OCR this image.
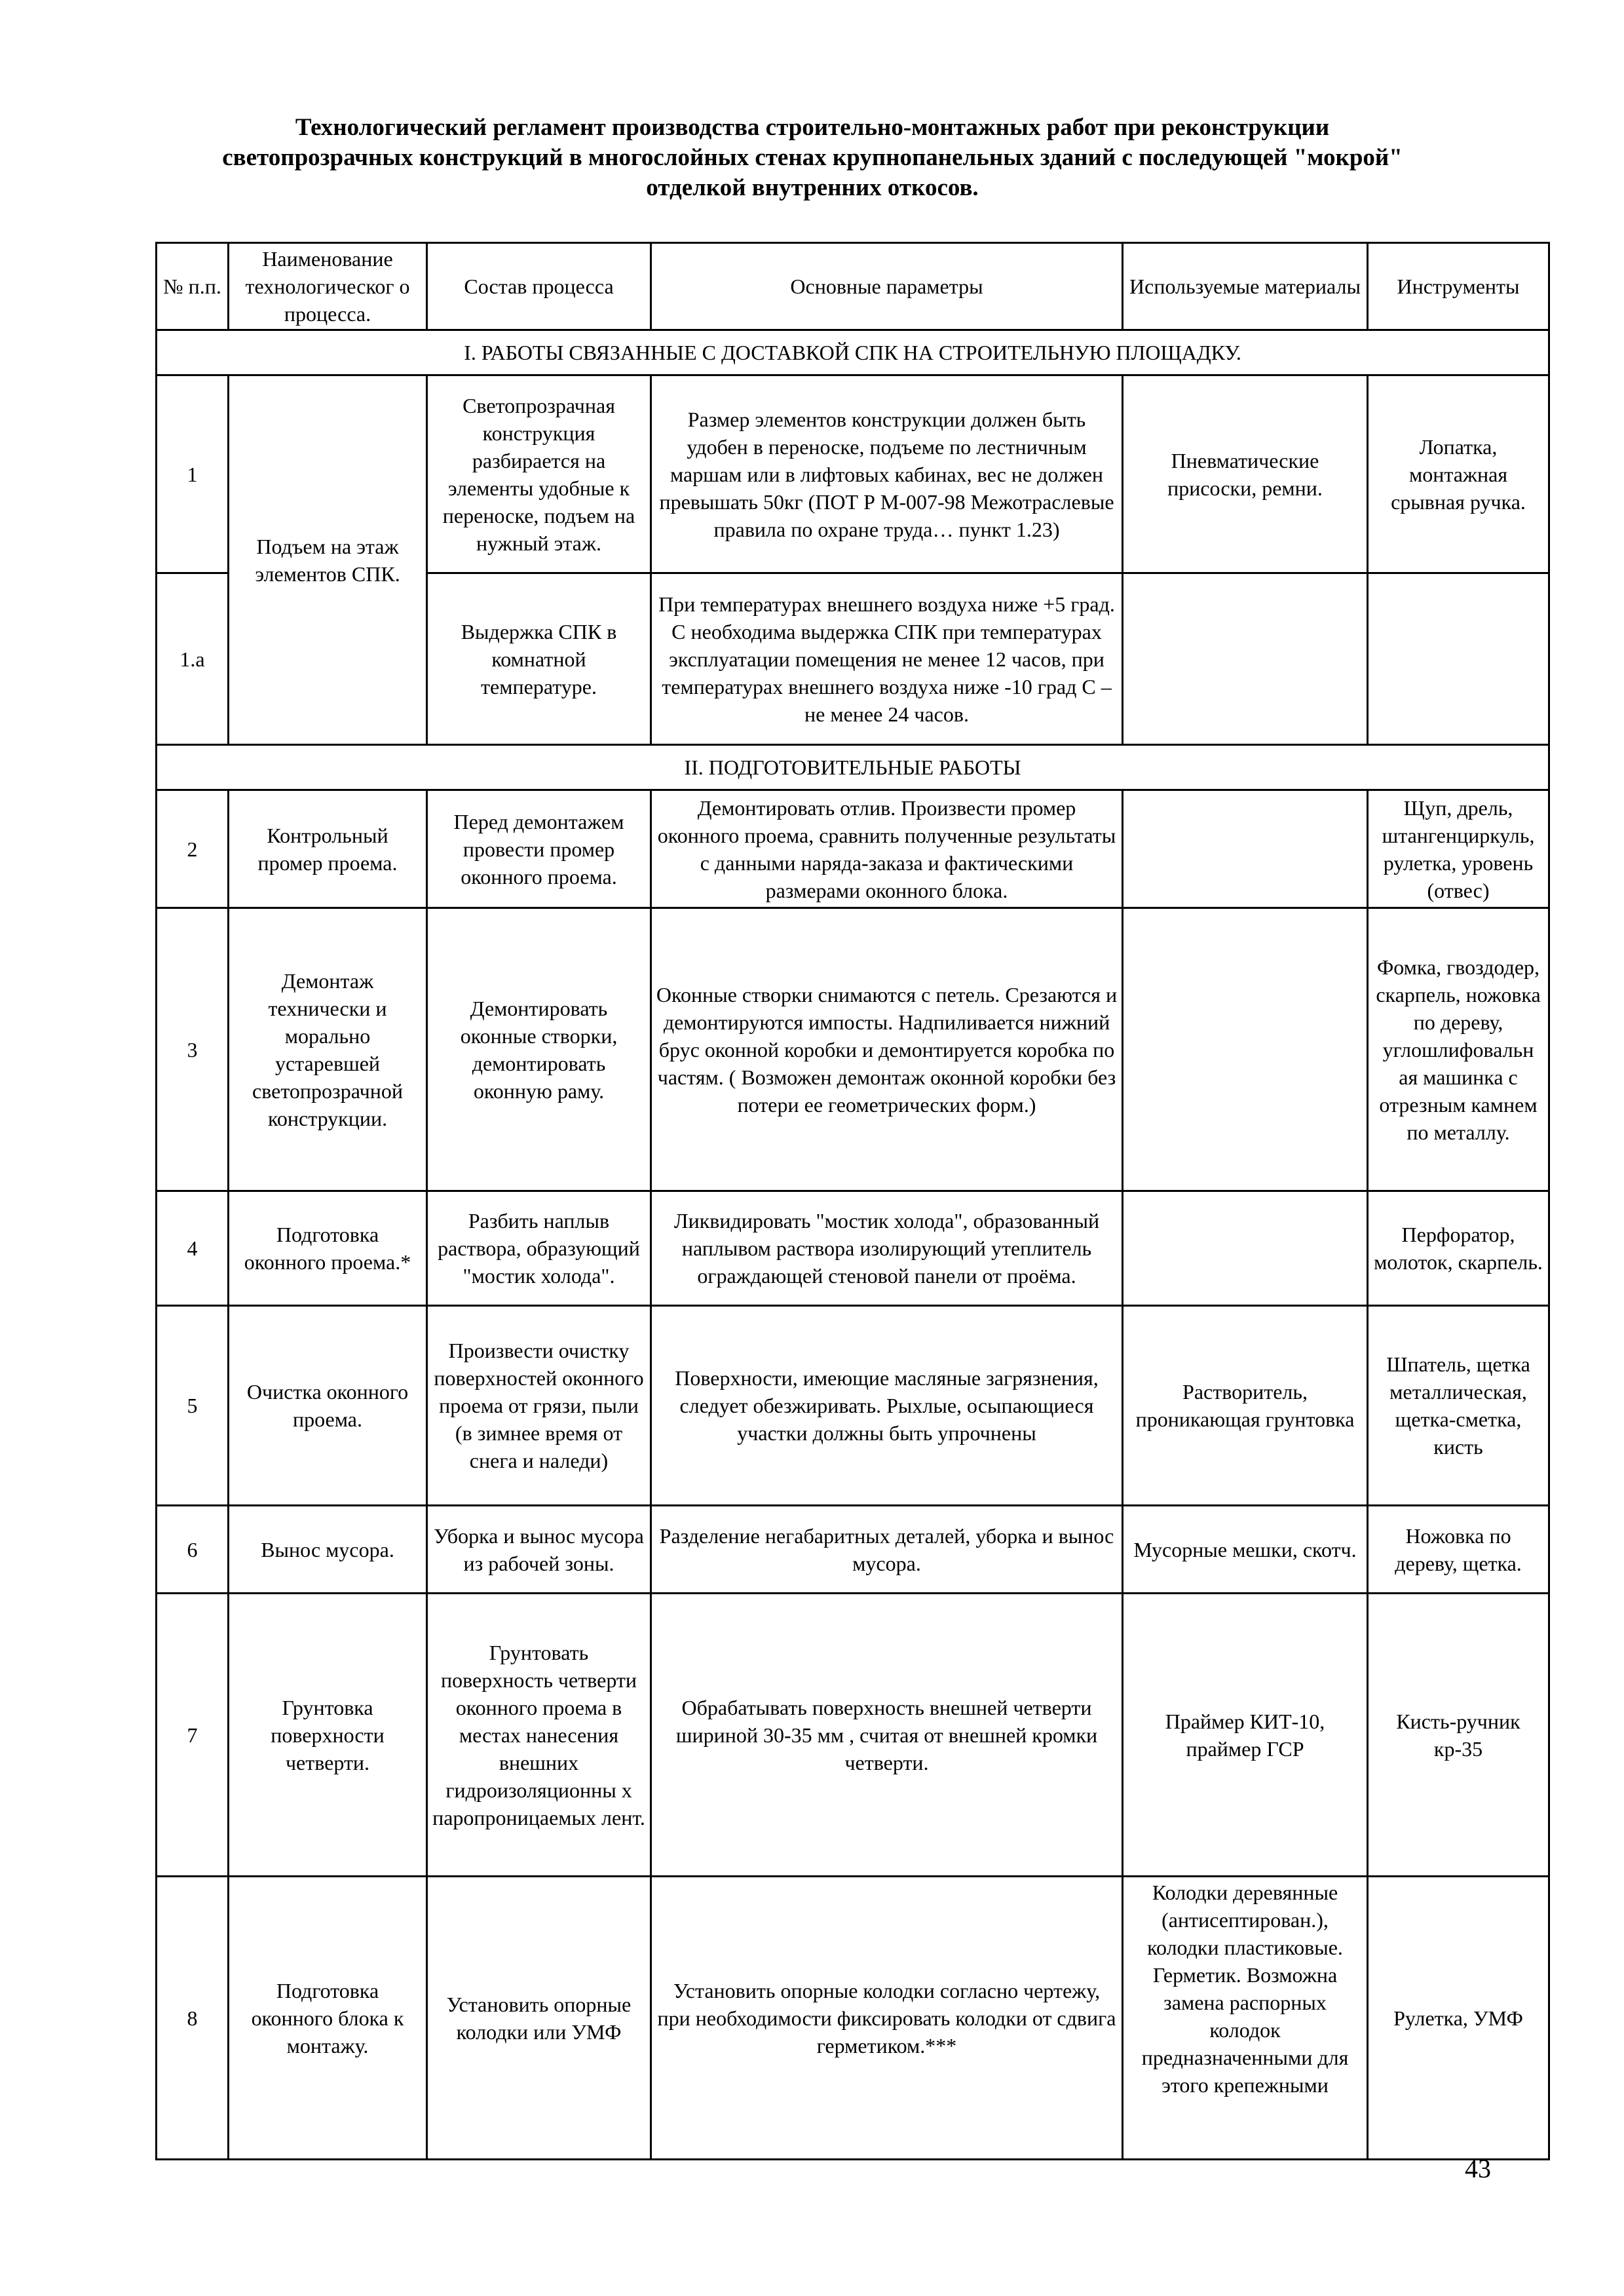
Технологический регламент производства строительно-монтажных работ при реконструкции
светопрозрачных конструкций в многослойных стенах крупнопанельных зданий с последующей "мокрой"
отделкой внутренних откосов.
№ п.п.	Наименование технологическог о процесса.	Состав процесса	Основные параметры	Используемые материалы	Инструменты
I. РАБОТЫ СВЯЗАННЫЕ С ДОСТАВКОЙ СПК НА СТРОИТЕЛЬНУЮ ПЛОЩАДКУ.					
1	Подъем на этаж элементов СПК.	Светопрозрачная конструкция разбирается на элементы удобные к переноске, подъем на нужный этаж.	Размер элементов конструкции должен быть удобен в переноске, подъеме по лестничным маршам или в лифтовых кабинах, вес не должен превышать 50кг (ПОТ Р М-007-98 Межотраслевые правила по охране труда… пункт 1.23)	Пневматические присоски, ремни.	Лопатка, монтажная срывная ручка.
1.а		Выдержка СПК в комнатной температуре.	При температурах внешнего воздуха ниже +5 град. С необходима выдержка СПК при температурах эксплуатации помещения не менее 12 часов, при температурах внешнего воздуха ниже -10 град С – не менее 24 часов.		
II. ПОДГОТОВИТЕЛЬНЫЕ РАБОТЫ					
2	Контрольный промер проема.	Перед демонтажем провести промер оконного проема.	Демонтировать отлив. Произвести промер оконного проема, сравнить полученные результаты с данными наряда-заказа и фактическими размерами оконного блока.		Щуп, дрель, штангенциркуль, рулетка, уровень (отвес)
3	Демонтаж технически и морально устаревшей светопрозрачной конструкции.	Демонтировать оконные створки, демонтировать оконную раму.	Оконные створки снимаются с петель. Срезаются и демонтируются импосты. Надпиливается нижний брус оконной коробки и демонтируется коробка по частям. ( Возможен демонтаж оконной коробки без потери ее геометрических форм.)		Фомка, гвоздодер, скарпель, ножовка по дереву, углошлифовальн ая машинка с отрезным камнем по металлу.
4	Подготовка оконного проема.*	Разбить наплыв раствора, образующий "мостик холода".	Ликвидировать "мостик холода", образованный наплывом раствора изолирующий утеплитель ограждающей стеновой панели от проёма.		Перфоратор, молоток, скарпель.
5	Очистка оконного проема.	Произвести очистку поверхностей оконного проема от грязи, пыли (в зимнее время от снега и наледи)	Поверхности, имеющие масляные загрязнения, следует обезжиривать. Рыхлые, осыпающиеся участки должны быть упрочнены	Растворитель, проникающая грунтовка	Шпатель, щетка металлическая, щетка-сметка, кисть
6	Вынос мусора.	Уборка и вынос мусора из рабочей зоны.	Разделение негабаритных деталей, уборка и вынос мусора.	Мусорные мешки, скотч.	Ножовка по дереву, щетка.
7	Грунтовка поверхности четверти.	Грунтовать поверхность четверти оконного проема в местах нанесения внешних гидроизоляционны х паропроницаемых лент.	Обрабатывать поверхность внешней четверти шириной 30-35 мм , считая от внешней кромки четверти.	Праймер КИТ-10, праймер ГСР	Кисть-ручник кр-35
8	Подготовка оконного блока к монтажу.	Установить опорные колодки или УМФ	Установить опорные колодки согласно чертежу, при необходимости фиксировать колодки от сдвига герметиком.***	Колодки деревянные (антисептирован.), колодки пластиковые. Герметик. Возможна замена распорных колодок предназначенными для этого крепежными	Рулетка, УМФ
43
